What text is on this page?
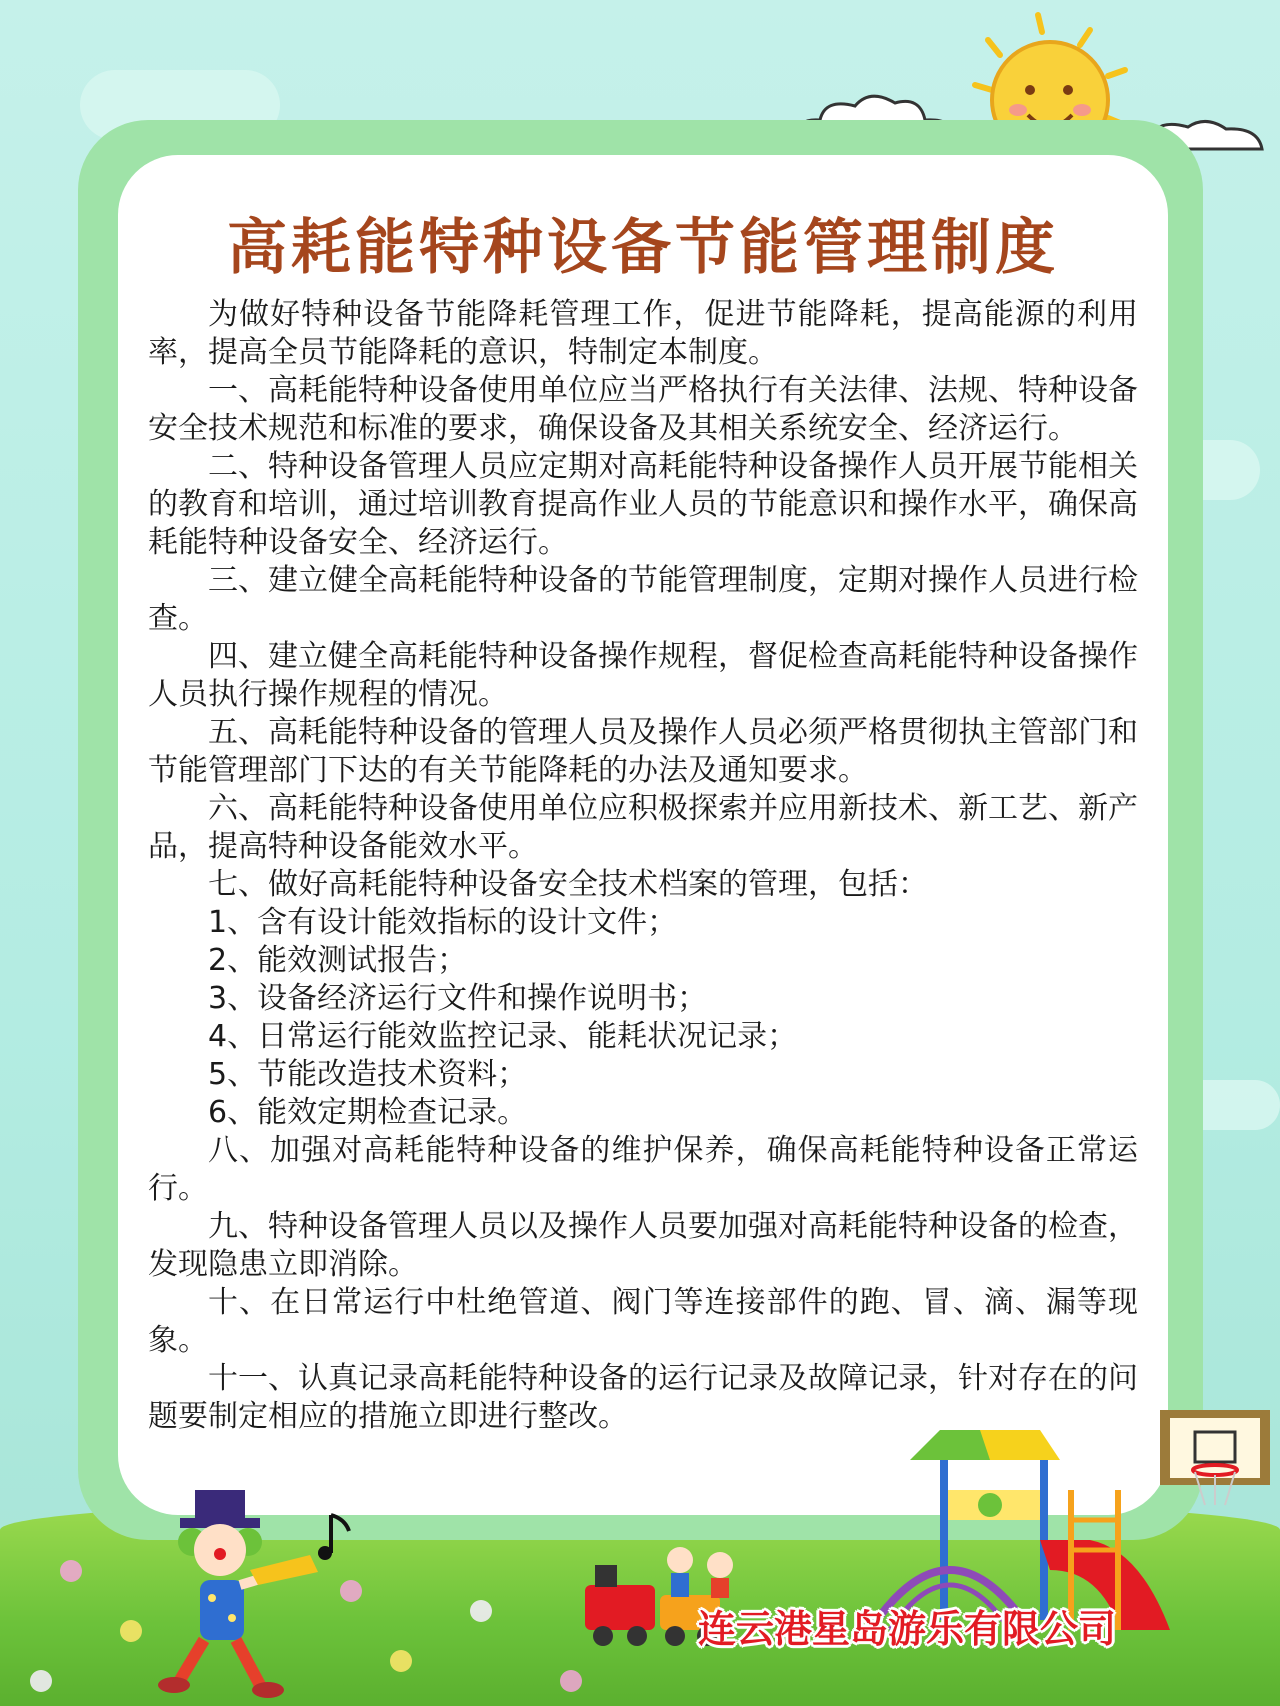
高耗能特种设备节能管理制度

为做好特种设备节能降耗管理工作，促进节能降耗，提高能源的利用率，提高全员节能降耗的意识，特制定本制度。

一、高耗能特种设备使用单位应当严格执行有关法律、法规、特种设备安全技术规范和标准的要求，确保设备及其相关系统安全、经济运行。

二、特种设备管理人员应定期对高耗能特种设备操作人员开展节能相关的教育和培训，通过培训教育提高作业人员的节能意识和操作水平，确保高耗能特种设备安全、经济运行。

三、建立健全高耗能特种设备的节能管理制度，定期对操作人员进行检查。

四、建立健全高耗能特种设备操作规程，督促检查高耗能特种设备操作人员执行操作规程的情况。

五、高耗能特种设备的管理人员及操作人员必须严格贯彻执主管部门和节能管理部门下达的有关节能降耗的办法及通知要求。

六、高耗能特种设备使用单位应积极探索并应用新技术、新工艺、新产品，提高特种设备能效水平。

七、做好高耗能特种设备安全技术档案的管理，包括：

1、含有设计能效指标的设计文件；

2、能效测试报告；

3、设备经济运行文件和操作说明书；

4、日常运行能效监控记录、能耗状况记录；

5、节能改造技术资料；

6、能效定期检查记录。

八、加强对高耗能特种设备的维护保养，确保高耗能特种设备正常运行。

九、特种设备管理人员以及操作人员要加强对高耗能特种设备的检查，发现隐患立即消除。

十、在日常运行中杜绝管道、阀门等连接部件的跑、冒、滴、漏等现象。

十一、认真记录高耗能特种设备的运行记录及故障记录，针对存在的问题要制定相应的措施立即进行整改。

连云港星岛游乐有限公司
